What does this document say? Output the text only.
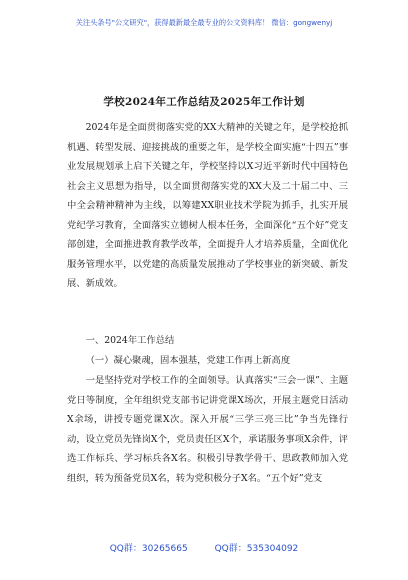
关注头条号"公文研究"，获得最新最全最专业的公文资料库！ 微信：gongwenyj
学校2024年工作总结及2025年工作计划

2024年是全面贯彻落实党的XX大精神的关键之年，是学校抢抓机遇、转型发展、迎接挑战的重要之年，是学校全面实施“十四五”事业发展规划承上启下关键之年，学校坚持以X习近平新时代中国特色社会主义思想为指导，以全面贯彻落实党的XX大及二十届二中、三中全会精神精神为主线，以筹建XX职业技术学院为抓手，扎实开展党纪学习教育，全面落实立德树人根本任务，全面深化“五个好”党支部创建，全面推进教育教学改革，全面提升人才培养质量，全面优化服务管理水平，以党建的高质量发展推动了学校事业的新突破、新发展、新成效。

一、2024年工作总结

（一）凝心聚魂，固本强基，党建工作再上新高度

一是坚持党对学校工作的全面领导。认真落实“三会一课”、主题党日等制度，全年组织党支部书记讲党课X场次，开展主题党日活动X余场，讲授专题党课X次。深入开展“三学三亮三比”争当先锋行动，设立党员先锋岗X个，党员责任区X个，承诺服务事项X余件，评选工作标兵、学习标兵各X名。积极引导教学骨干、思政教师加入党组织，转为预备党员X名，转为党积极分子X名。“五个好”党支

QQ群：30265665	QQ群：535304092
